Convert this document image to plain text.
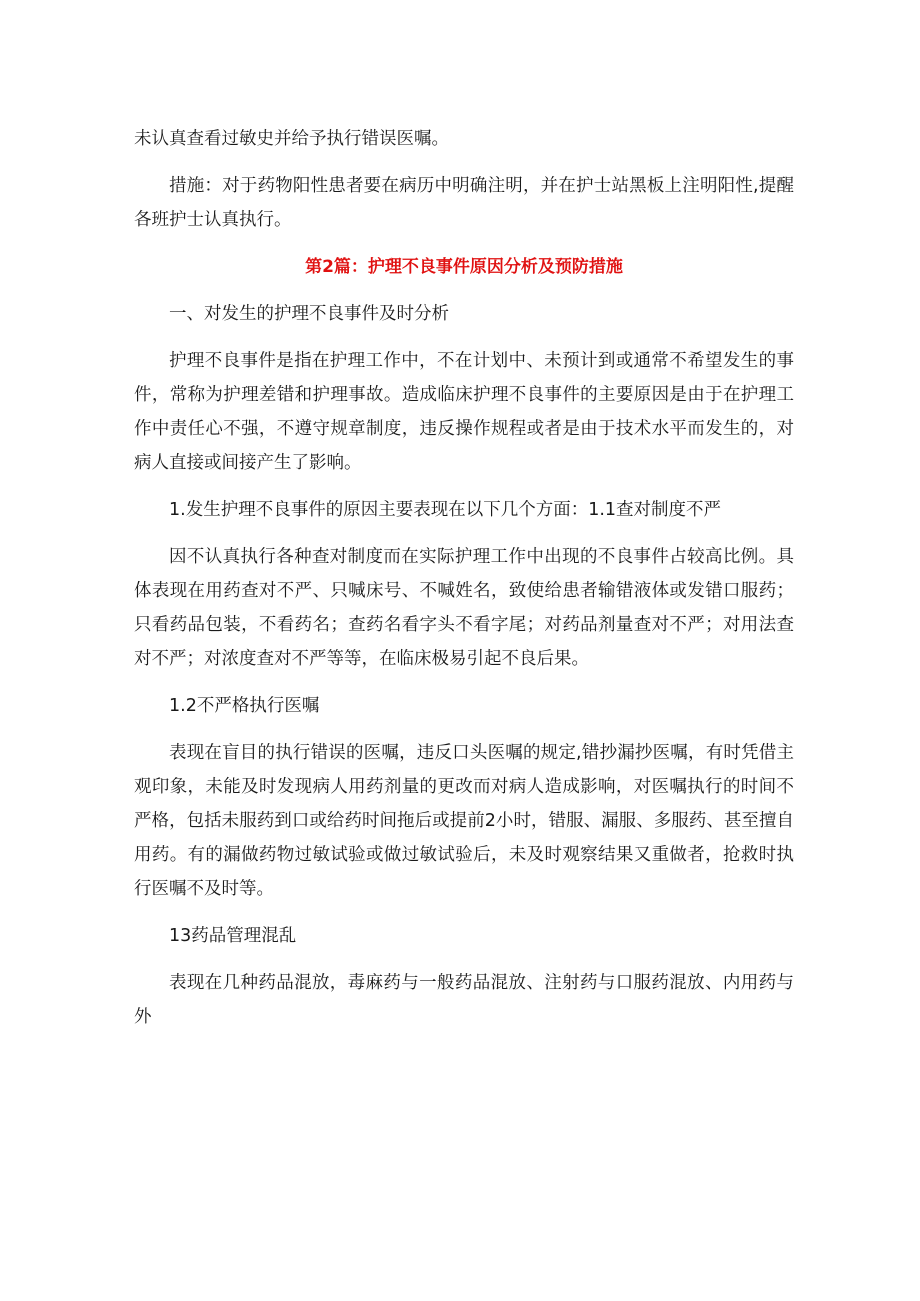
未认真查看过敏史并给予执行错误医嘱。

措施：对于药物阳性患者要在病历中明确注明，并在护士站黑板上注明阳性,提醒各班护士认真执行。

第2篇：护理不良事件原因分析及预防措施

一、对发生的护理不良事件及时分析

护理不良事件是指在护理工作中，不在计划中、未预计到或通常不希望发生的事件，常称为护理差错和护理事故。造成临床护理不良事件的主要原因是由于在护理工作中责任心不强，不遵守规章制度，违反操作规程或者是由于技术水平而发生的，对病人直接或间接产生了影响。

1.发生护理不良事件的原因主要表现在以下几个方面：1.1查对制度不严

因不认真执行各种查对制度而在实际护理工作中出现的不良事件占较高比例。具体表现在用药查对不严、只喊床号、不喊姓名，致使给患者输错液体或发错口服药；只看药品包装，不看药名；查药名看字头不看字尾；对药品剂量查对不严；对用法查对不严；对浓度查对不严等等，在临床极易引起不良后果。

1.2不严格执行医嘱

表现在盲目的执行错误的医嘱，违反口头医嘱的规定,错抄漏抄医嘱，有时凭借主观印象，未能及时发现病人用药剂量的更改而对病人造成影响，对医嘱执行的时间不严格，包括未服药到口或给药时间拖后或提前2小时，错服、漏服、多服药、甚至擅自用药。有的漏做药物过敏试验或做过敏试验后，未及时观察结果又重做者，抢救时执行医嘱不及时等。

13药品管理混乱

表现在几种药品混放，毒麻药与一般药品混放、注射药与口服药混放、内用药与外
